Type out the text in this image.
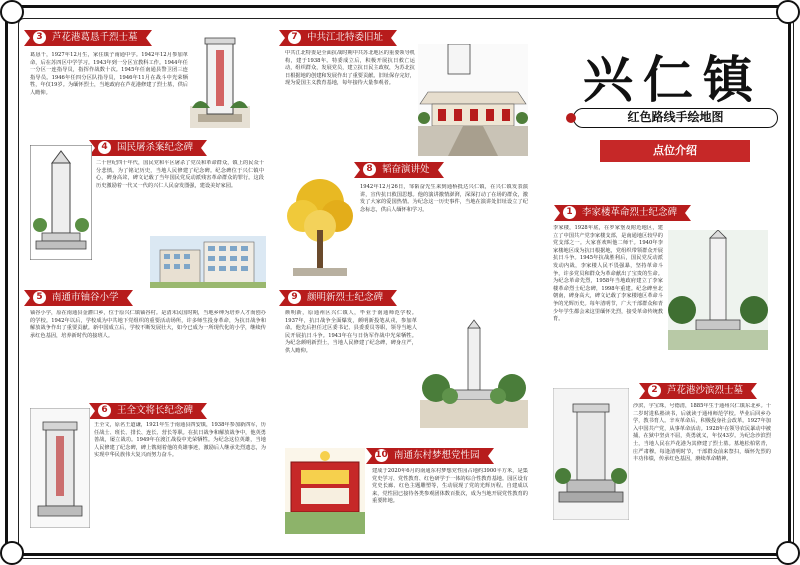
兴仁镇
红色路线手绘地图
点位介绍
3 芦花港葛恳千烈士墓
葛恳千，1927年12月生，家住镇子南通中学。1942年12月参加革命，后在苏四区中学学习。1943年到一分区宣教科工作。1944年任一分区一连指导员，指挥作战数十次。1945年任南通县警卫团三连指导员。1946年任四分区队指导员，1946年11月在战斗中光荣牺牲，年仅19岁。为缅怀烈士，当地政府在芦花港修建了烈士墓，供后人瞻仰。
4 国民屠杀案纪念碑
二十世纪四十年代，国民党和平区屠杀了党员和革命群众，镇上的民众十分悲愤。为了铭记历史，当地人民修建了纪念碑。纪念碑位于兴仁镇中心，碑身高耸，碑文记载了当年国民党反动派残害革命群众的罪行。这段历史激励着一代又一代的兴仁人民奋发图强，建设美好家园。
5 南通市铀谷小学
铀谷小学，原在南通县金灌口乡，位于原兴仁镇铀谷村。是清末民国时期，当地乡绅为培养人才而创办的学校。1942年以后，学校成为中共地下党组织的重要活动场所，许多师生投身革命，为抗日战争和解放战争作出了重要贡献。新中国成立后，学校不断发展壮大，如今已成为一所现代化的小学，继续传承红色基因，培养新时代的接班人。
6 王全文将长纪念碑
王全文，原名王道谦，1921年生于南通县四安镇，1938年参加新四军，历任战士、班长、排长、连长、营长等职。在抗日战争和解放战争中，他英勇善战，屡立战功。1949年在渡江战役中光荣牺牲。为纪念这位英雄，当地人民修建了纪念碑，碑上镌刻着他的英雄事迹，激励后人继承先烈遗志，为实现中华民族伟大复兴而努力奋斗。
7 中共江北特委旧址
中共江北特委是全面抗战时期中共苏北地区的重要领导机构，建于1938年。特委成立后，积极开展抗日救亡运动，组织群众，发展党员，建立抗日民主政权，为苏北抗日根据地的创建和发展作出了重要贡献。旧址保存完好，现为爱国主义教育基地，每年接待大量参观者。
8 韬奋演讲处
1942年12月26日，邹韬奋先生来到通桥抵达兴仁镇，在兴仁镇发表演讲，宣传抗日救国思想。他的演讲激情澎湃，深深打动了在场的群众，激发了大家的爱国热情。为纪念这一历史事件，当地在演讲处旧址设立了纪念标志，供后人缅怀和学习。
9 颜明新烈士纪念碑
颜明新，原通州区兴仁镇人，毕业于南通师范学校。1937年，抗日战争全面爆发，颜明新投笔从戎，参加革命。他先后担任过区委书记、县委委员等职，领导当地人民开展抗日斗争。1943年在与日伪军作战中光荣牺牲。为纪念颜明新烈士，当地人民修建了纪念碑，碑身庄严，供人瞻仰。
10 南通东村梦想党性园
建成于2020年6月的南通东村梦想党性园占地约3900平方米，是集党史学习、党性教育、红色研学于一体的综合性教育基地。园区设有党史长廊、红色主题雕塑等，生动展现了党的光辉历程。自建成以来，党性园已接待各类参观团体数百批次，成为当地开展党性教育的重要阵地。
1 李家楼革命烈士纪念碑
李家楼，1928年底，在罗家堡及附近地区，建立了中国共产党李家楼支部，是南通地区较早的党支部之一。大家喜欢叫他二师干。1940年李家楼地区成为抗日根据地，党组织带领群众开展抗日斗争。1945年抗战胜利后，国民党反动派发动内战，李家楼人民不畏强暴，坚持革命斗争，许多党员和群众为革命献出了宝贵的生命。为纪念革命先烈，1958年当地政府建立了李家楼革命烈士纪念碑，1998年重建。纪念碑坐北朝南，碑身高大，碑文记载了李家楼地区革命斗争的光辉历史。每年清明节，广大干部群众和青少年学生都会来这里缅怀先烈，接受革命传统教育。
2 芦花港沙滨烈士墓
沙滨，字宝珠，号德清，1885年生于通州兴仁镇东北乡。十二岁时进私塾读书，后就读于通州师范学校。毕业后回乡办学，教书育人。辛亥革命后，积极投身社会改革。1927年加入中国共产党，从事革命活动。1928年在领导农民暴动中被捕，在狱中坚贞不屈，英勇就义，年仅43岁。为纪念沙滨烈士，当地人民在芦花港为其修建了烈士墓。墓地松柏常青，庄严肃穆。每逢清明时节，干部群众前来祭扫，缅怀先烈的丰功伟绩，传承红色基因，赓续革命精神。
